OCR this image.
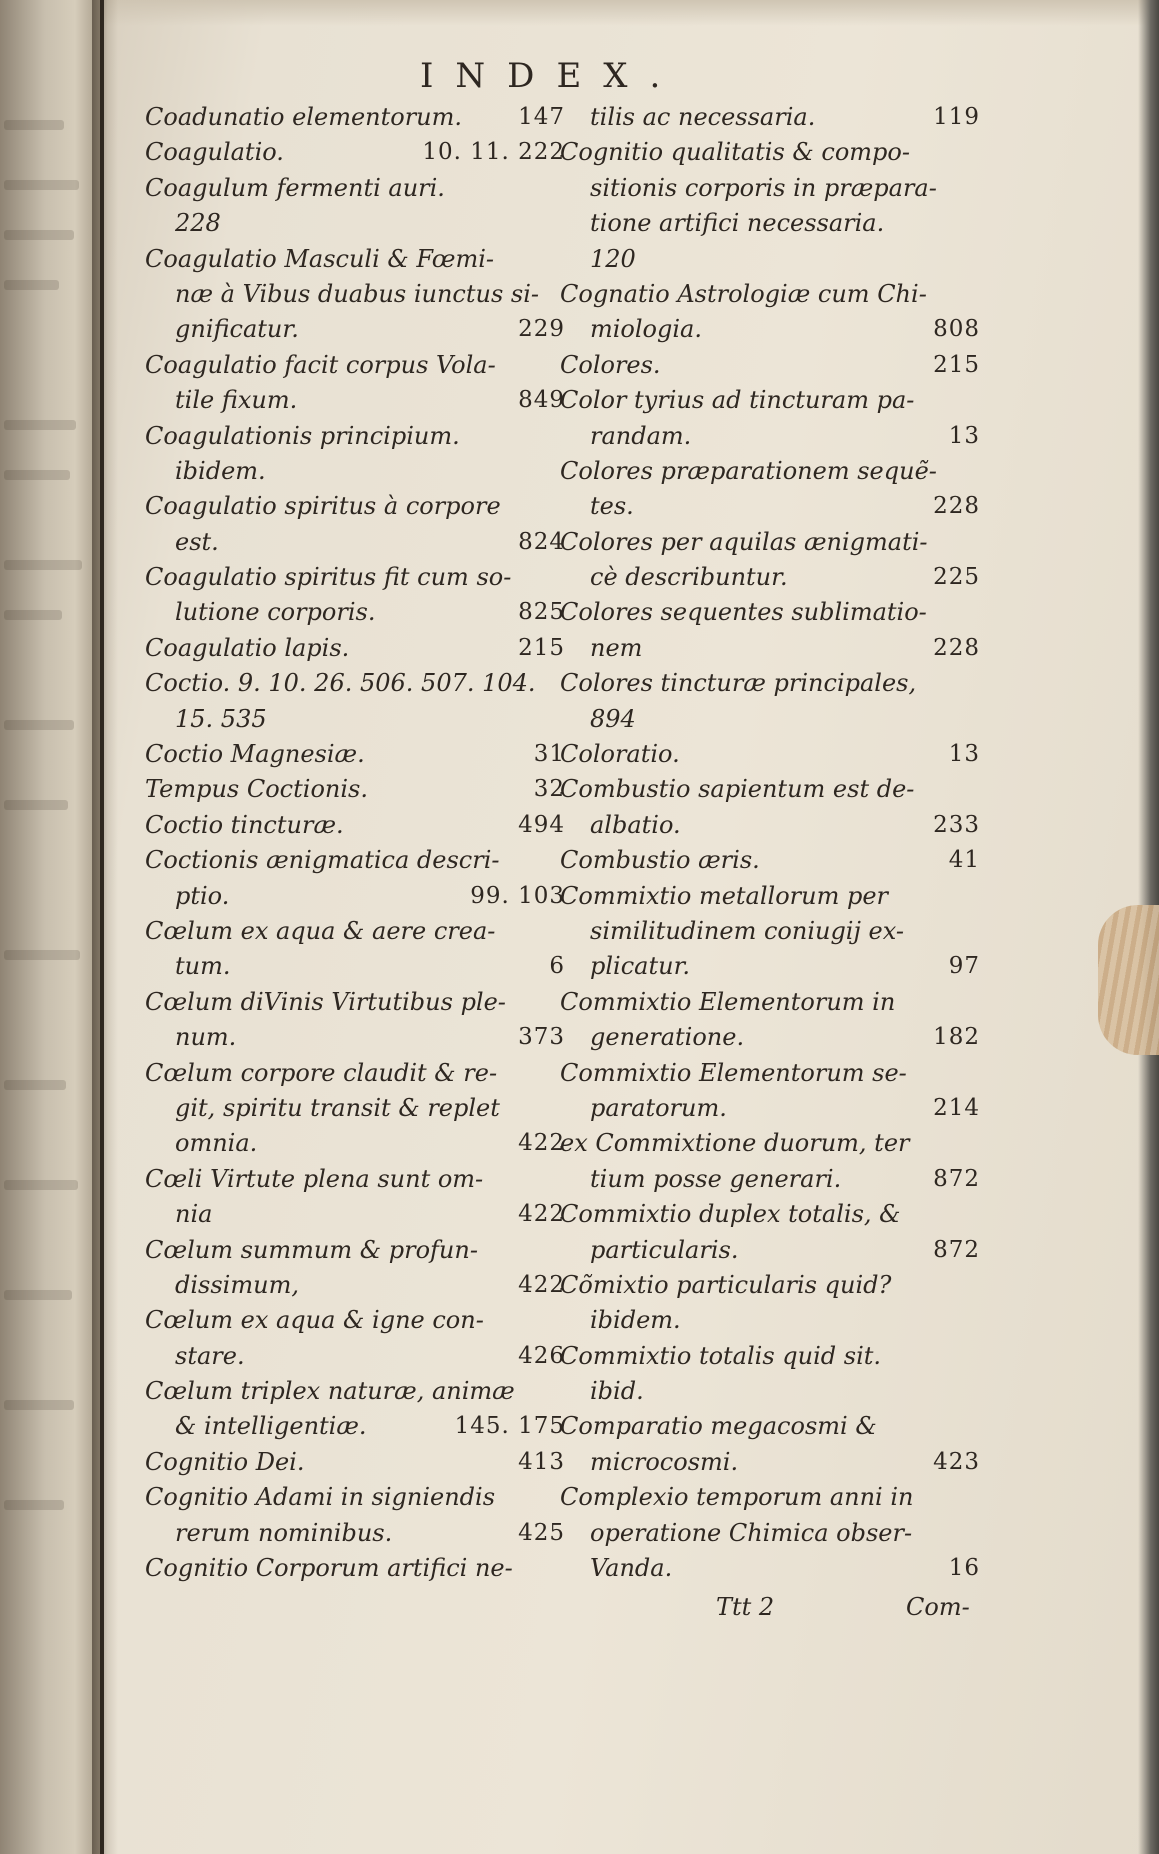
INDEX.
Coadunatio elementorum. 147
Coagulatio.	10. 11. 222
Coagulum fermenti auri.
228
Coagulatio Masculi & Fœmi-
næ à Vibus duabus iunctus si-
gnificatur.	229
Coagulatio facit corpus Vola-
tile fixum.	849
Coagulationis principium.
ibidem.
Coagulatio spiritus à corpore
est.	824
Coagulatio spiritus fit cum so-
lutione corporis.	825
Coagulatio lapis.	215
Coctio. 9. 10. 26. 506. 507. 104.
15. 535
Coctio Magnesiæ.	31
Tempus Coctionis.	32
Coctio tincturæ.	494
Coctionis ænigmatica descri-
ptio.	99. 103
Cœlum ex aqua & aere crea-
tum.	6
Cœlum diVinis Virtutibus ple-
num.	373
Cœlum corpore claudit & re-
git, spiritu transit & replet
omnia.	422
Cœli Virtute plena sunt om-
nia	422
Cœlum summum & profun-
dissimum,	422
Cœlum ex aqua & igne con-
stare.	426
Cœlum triplex naturæ, animæ
& intelligentiæ.	145. 175
Cognitio Dei.	413
Cognitio Adami in signiendis
rerum nominibus.	425
Cognitio Corporum artifici ne-
tilis ac necessaria.	119
Cognitio qualitatis & compo-
sitionis corporis in præpara-
tione artifici necessaria.
120
Cognatio Astrologiæ cum Chi-
miologia.	808
Colores.	215
Color tyrius ad tincturam pa-
randam.	13
Colores præparationem sequẽ-
tes.	228
Colores per aquilas ænigmati-
cè describuntur.	225
Colores sequentes sublimatio-
nem	228
Colores tincturæ principales,
894
Coloratio.	13
Combustio sapientum est de-
albatio.	233
Combustio æris.	41
Commixtio metallorum per
similitudinem coniugij ex-
plicatur.	97
Commixtio Elementorum in
generatione.	182
Commixtio Elementorum se-
paratorum.	214
ex Commixtione duorum, ter
tium posse generari.	872
Commixtio duplex totalis, &
particularis.	872
Cõmixtio particularis quid?
ibidem.
Commixtio totalis quid sit.
ibid.
Comparatio megacosmi &
microcosmi.	423
Complexio temporum anni in
operatione Chimica obser-
Vanda.	16
Ttt 2	Com-
